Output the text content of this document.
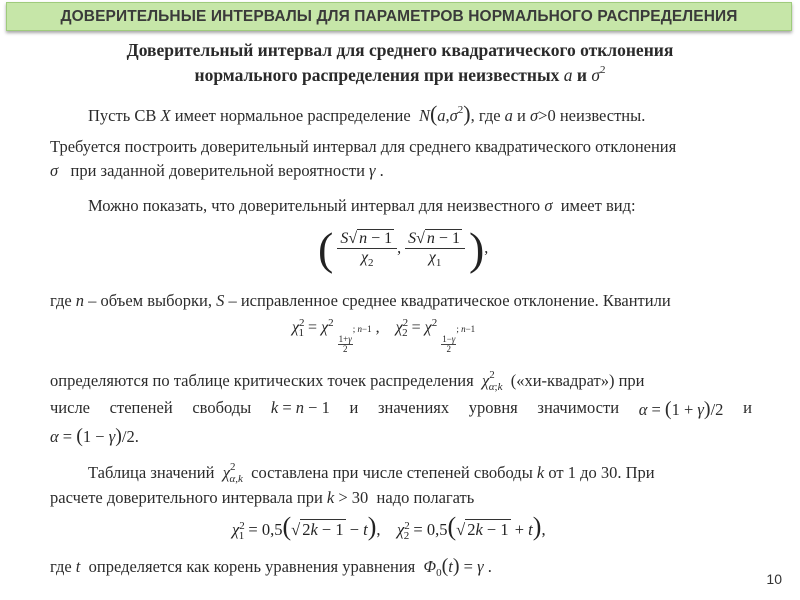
ДОВЕРИТЕЛЬНЫЕ ИНТЕРВАЛЫ ДЛЯ ПАРАМЕТРОВ НОРМАЛЬНОГО РАСПРЕДЕЛЕНИЯ
Доверительный интервал для среднего квадратического отклонения
нормального распределения при неизвестных a и $\sigma^2$
Пусть СВ X имеет нормальное распределение $N(a,\sigma^2)$, где a и σ>0 неизвестны.
Требуется построить доверительный интервал для среднего квадратического отклонения
σ при заданной доверительной вероятности γ .
Можно показать, что доверительный интервал для неизвестного σ имеет вид:
( $\frac{S√ n - 1}{\chi_2}$ , $\frac{S√ n - 1}{\chi_1}$ ),
где n – объем выборки, S – исправленное среднее квадратическое отклонение. Квантили
$\chi^2_1 = \chi^2$
$\frac{1+\gamma}{2}$
; n−1 ,    $\chi^2_2 = \chi^2$
$\frac{1-\gamma}{2}$
; n−1
определяются по таблице критических точек распределения $\chi^2_{\alpha;k}$ («хи-квадрат») при
числе степеней свободы k = n − 1 и значениях уровня значимости α = (1 + γ)/2 и
α = (1 − γ)/2.
Таблица значений $\chi^2_{\alpha,k}$ составлена при числе степеней свободы k от 1 до 30. При
расчете доверительного интервала при k > 30  надо полагать
$\chi^2_1 = 0,5(√$ 2k − 1 − t),    $\chi^2_2 = 0,5(√$ 2k − 1 + t),
где t определяется как корень уравнения уравнения $\Phi_0(t) = \gamma$ .
10
